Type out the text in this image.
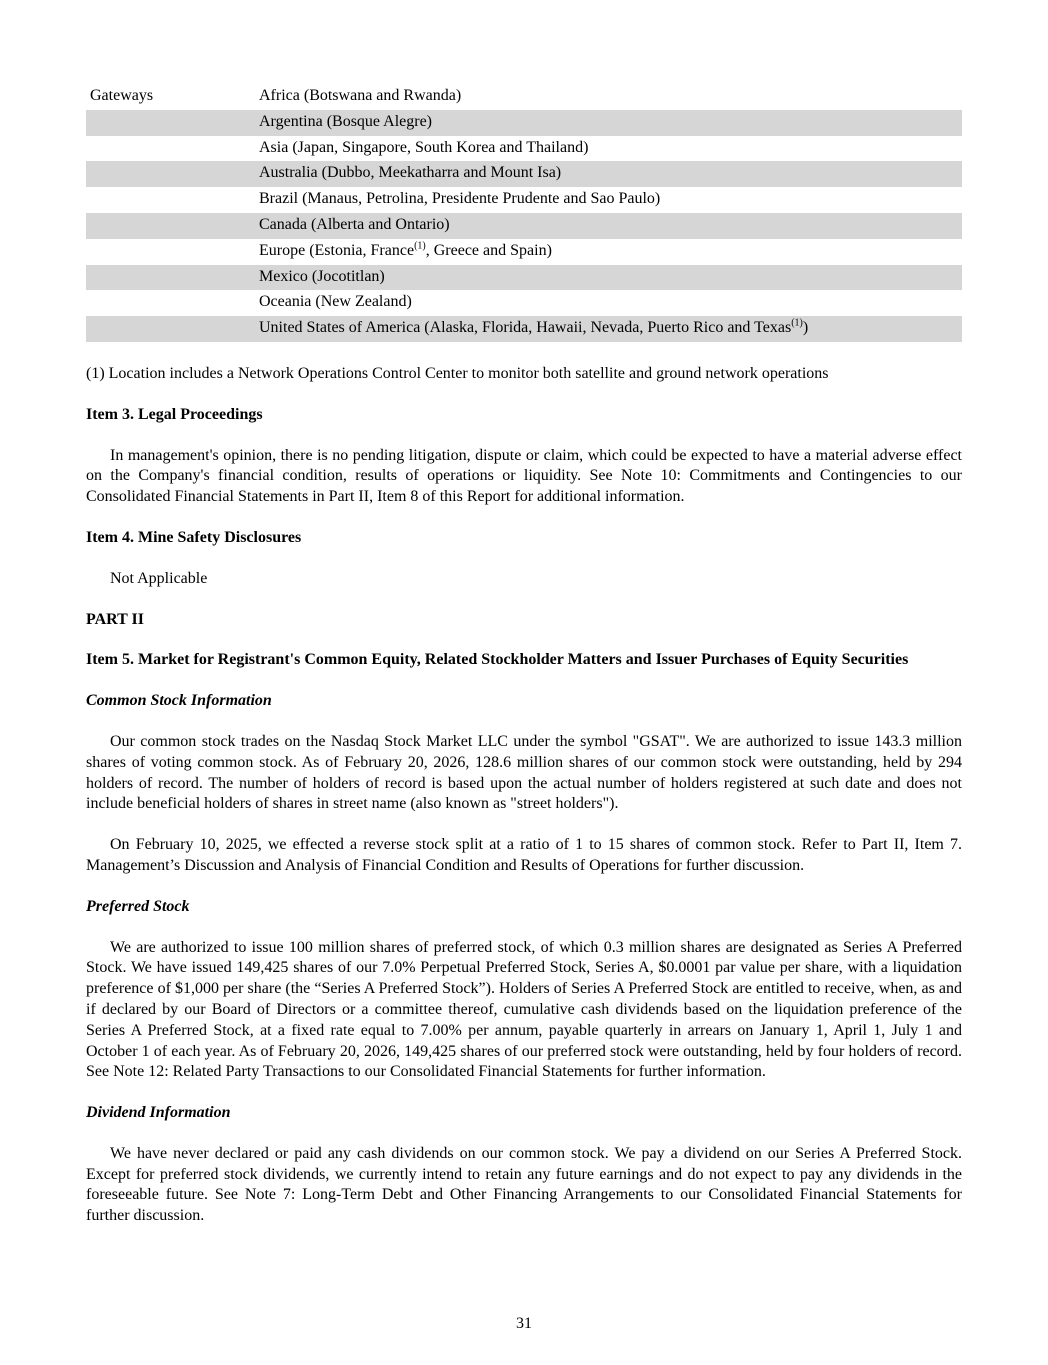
Gateways	Africa (Botswana and Rwanda)
Argentina (Bosque Alegre)
Asia (Japan, Singapore, South Korea and Thailand)
Australia (Dubbo, Meekatharra and Mount Isa)
Brazil (Manaus, Petrolina, Presidente Prudente and Sao Paulo)
Canada (Alberta and Ontario)
Europe (Estonia, France$^{(1)}$, Greece and Spain)
Mexico (Jocotitlan)
Oceania (New Zealand)
United States of America (Alaska, Florida, Hawaii, Nevada, Puerto Rico and Texas$^{(1)}$)
(1) Location includes a Network Operations Control Center to monitor both satellite and ground network operations
Item 3. Legal Proceedings

In management's opinion, there is no pending litigation, dispute or claim, which could be expected to have a material adverse effect on the Company's financial condition, results of operations or liquidity. See Note 10: Commitments and Contingencies to our Consolidated Financial Statements in Part II, Item 8 of this Report for additional information.

Item 4. Mine Safety Disclosures

Not Applicable

PART II
Item 5. Market for Registrant's Common Equity, Related Stockholder Matters and Issuer Purchases of Equity Securities
Common Stock Information

Our common stock trades on the Nasdaq Stock Market LLC under the symbol "GSAT". We are authorized to issue 143.3 million shares of voting common stock. As of February 20, 2026, 128.6 million shares of our common stock were outstanding, held by 294 holders of record. The number of holders of record is based upon the actual number of holders registered at such date and does not include beneficial holders of shares in street name (also known as "street holders").

On February 10, 2025, we effected a reverse stock split at a ratio of 1 to 15 shares of common stock. Refer to Part II, Item 7. Management’s Discussion and Analysis of Financial Condition and Results of Operations for further discussion.

Preferred Stock

We are authorized to issue 100 million shares of preferred stock, of which 0.3 million shares are designated as Series A Preferred Stock. We have issued 149,425 shares of our 7.0% Perpetual Preferred Stock, Series A, $0.0001 par value per share, with a liquidation preference of $1,000 per share (the “Series A Preferred Stock”). Holders of Series A Preferred Stock are entitled to receive, when, as and if declared by our Board of Directors or a committee thereof, cumulative cash dividends based on the liquidation preference of the Series A Preferred Stock, at a fixed rate equal to 7.00% per annum, payable quarterly in arrears on January 1, April 1, July 1 and October 1 of each year. As of February 20, 2026, 149,425 shares of our preferred stock were outstanding, held by four holders of record. See Note 12: Related Party Transactions to our Consolidated Financial Statements for further information.

Dividend Information

We have never declared or paid any cash dividends on our common stock. We pay a dividend on our Series A Preferred Stock. Except for preferred stock dividends, we currently intend to retain any future earnings and do not expect to pay any dividends in the foreseeable future. See Note 7: Long-Term Debt and Other Financing Arrangements to our Consolidated Financial Statements for further discussion.

31
